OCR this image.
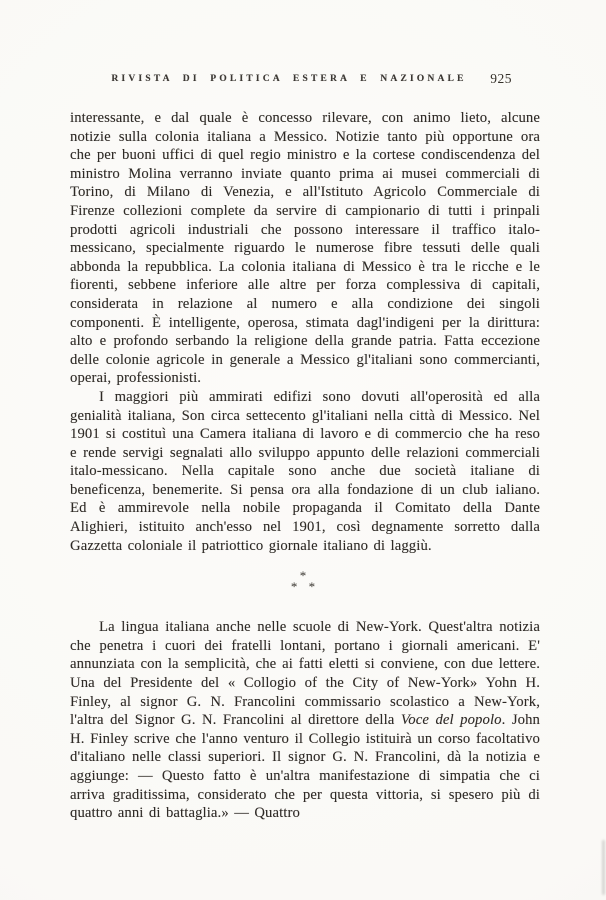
RIVISTA DI POLITICA ESTERA E NAZIONALE	925

interessante, e dal quale è concesso rilevare, con animo lieto, alcune notizie sulla colonia italiana a Messico. Notizie tanto più opportune ora che per buoni uffici di quel regio ministro e la cortese condiscendenza del ministro Molina verranno inviate quanto prima ai musei commerciali di Torino, di Milano di Venezia, e all'Istituto Agricolo Commerciale di Firenze collezioni complete da servire di campionario di tutti i prinpali prodotti agricoli industriali che possono interessare il traffico italo-messicano, specialmente riguardo le numerose fibre tessuti delle quali abbonda la repubblica. La colonia italiana di Messico è tra le ricche e le fiorenti, sebbene inferiore alle altre per forza complessiva di capitali, considerata in relazione al numero e alla condizione dei singoli componenti. È intelligente, operosa, stimata dagl'indigeni per la dirittura: alto e profondo serbando la religione della grande patria. Fatta eccezione delle colonie agricole in generale a Messico gl'italiani sono commercianti, operai, professionisti.

I maggiori più ammirati edifizi sono dovuti all'operosità ed alla genialità italiana, Son circa settecento gl'italiani nella città di Messico. Nel 1901 si costituì una Camera italiana di lavoro e di commercio che ha reso e rende servigi segnalati allo sviluppo appunto delle relazioni commerciali italo-messicano. Nella capitale sono anche due società italiane di beneficenza, benemerite. Si pensa ora alla fondazione di un club ialiano. Ed è ammirevole nella nobile propaganda il Comitato della Dante Alighieri, istituito anch'esso nel 1901, così degnamente sorretto dalla Gazzetta coloniale il patriottico giornale italiano di laggiù.

*
* *

La lingua italiana anche nelle scuole di New-York. Quest'altra notizia che penetra i cuori dei fratelli lontani, portano i giornali americani. E' annunziata con la semplicità, che ai fatti eletti si conviene, con due lettere. Una del Presidente del « Collogio of the City of New-York» Yohn H. Finley, al signor G. N. Francolini commissario scolastico a New-York, l'altra del Signor G. N. Francolini al direttore della Voce del popolo. John H. Finley scrive che l'anno venturo il Collegio istituirà un corso facoltativo d'italiano nelle classi superiori. Il signor G. N. Francolini, dà la notizia e aggiunge: — Questo fatto è un'altra manifestazione di simpatia che ci arriva graditissima, considerato che per questa vittoria, si spesero più di quattro anni di battaglia.» — Quattro
